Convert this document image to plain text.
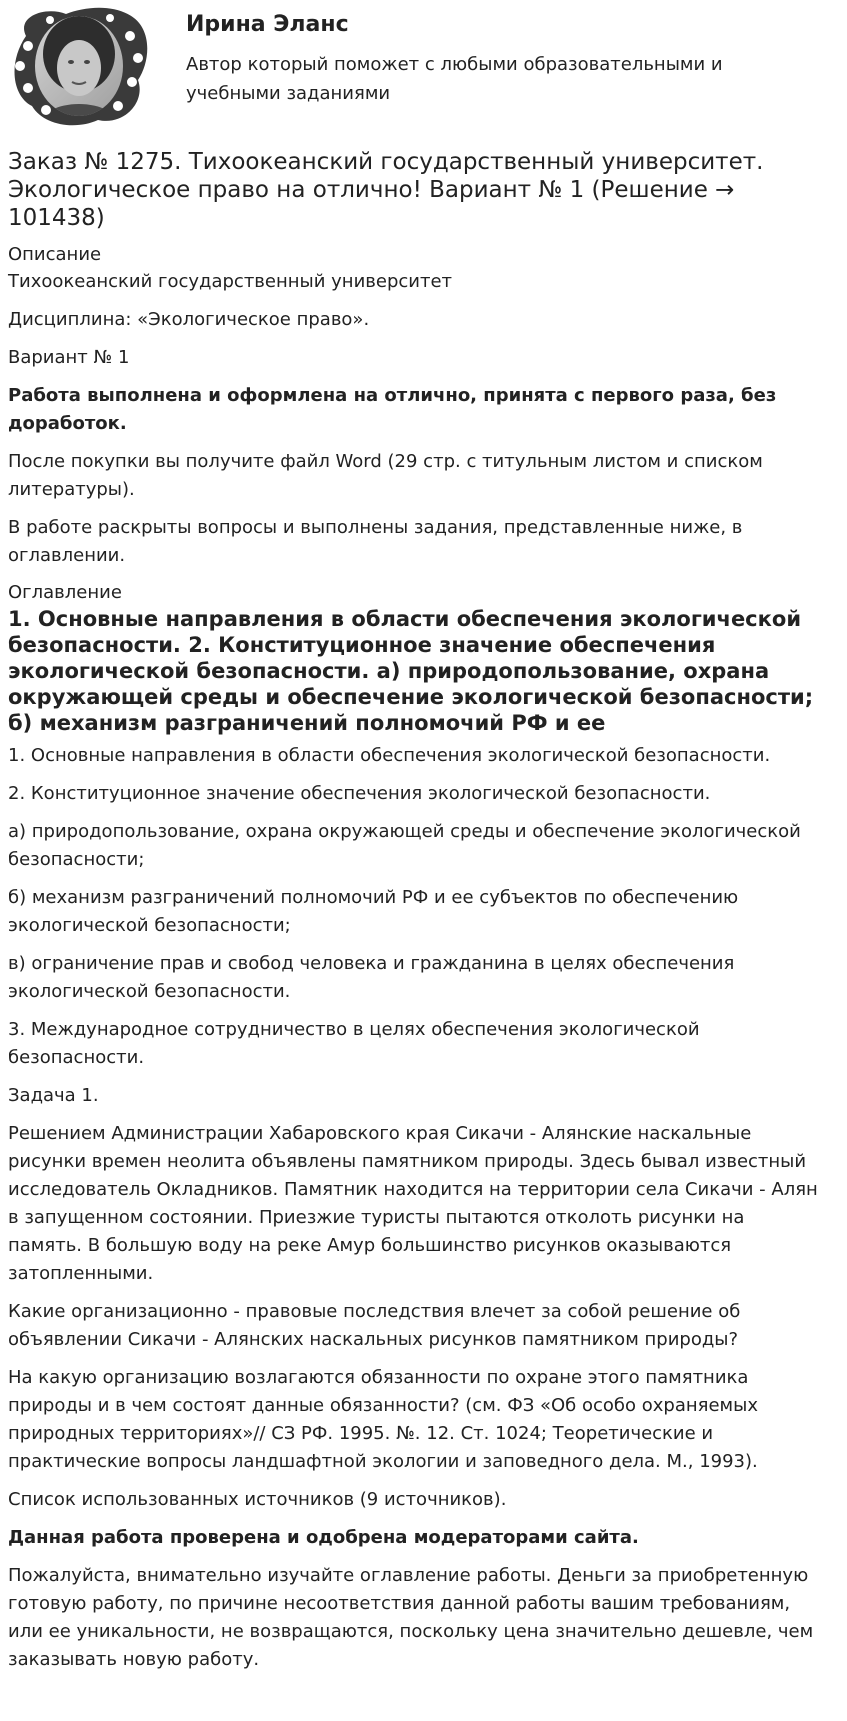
Ирина Эланс

Автор который поможет с любыми образовательными и учебными заданиями

Заказ № 1275. Тихоокеанский государственный университет. Экологическое право на отлично! Вариант № 1 (Решение → 101438)
Описание

Тихоокеанский государственный университет

Дисциплина: «Экологическое право».

Вариант № 1

Работа выполнена и оформлена на отлично, принята с первого раза, без доработок.

После покупки вы получите файл Word (29 стр. с титульным листом и списком литературы).

В работе раскрыты вопросы и выполнены задания, представленные ниже, в оглавлении.

Оглавление
1. Основные направления в области обеспечения экологической безопасности. 2. Конституционное значение обеспечения экологической безопасности. а) природопользование, охрана окружающей среды и обеспечение экологической безопасности; б) механизм разграничений полномочий РФ и ее

1. Основные направления в области обеспечения экологической безопасности.

2. Конституционное значение обеспечения экологической безопасности.

а) природопользование, охрана окружающей среды и обеспечение экологической безопасности;

б) механизм разграничений полномочий РФ и ее субъектов по обеспечению экологической безопасности;

в) ограничение прав и свобод человека и гражданина в целях обеспечения экологической безопасности.

3. Международное сотрудничество в целях обеспечения экологической безопасности.

Задача 1.

Решением Администрации Хабаровского края Сикачи - Алянские наскальные рисунки времен неолита объявлены памятником природы. Здесь бывал известный исследователь Окладников. Памятник находится на территории села Сикачи - Алян в запущенном состоянии. Приезжие туристы пытаются отколоть рисунки на память. В большую воду на реке Амур большинство рисунков оказываются затопленными.

Какие организационно - правовые последствия влечет за собой решение об объявлении Сикачи - Алянских наскальных рисунков памятником природы?

На какую организацию возлагаются обязанности по охране этого памятника природы и в чем состоят данные обязанности? (см. ФЗ «Об особо охраняемых природных территориях»// СЗ РФ. 1995. №. 12. Ст. 1024; Теоретические и практические вопросы ландшафтной экологии и заповедного дела. М., 1993).

Список использованных источников (9 источников).

Данная работа проверена и одобрена модераторами сайта.

Пожалуйста, внимательно изучайте оглавление работы. Деньги за приобретенную готовую работу, по причине несоответствия данной работы вашим требованиям, или ее уникальности, не возвращаются, поскольку цена значительно дешевле, чем заказывать новую работу.
